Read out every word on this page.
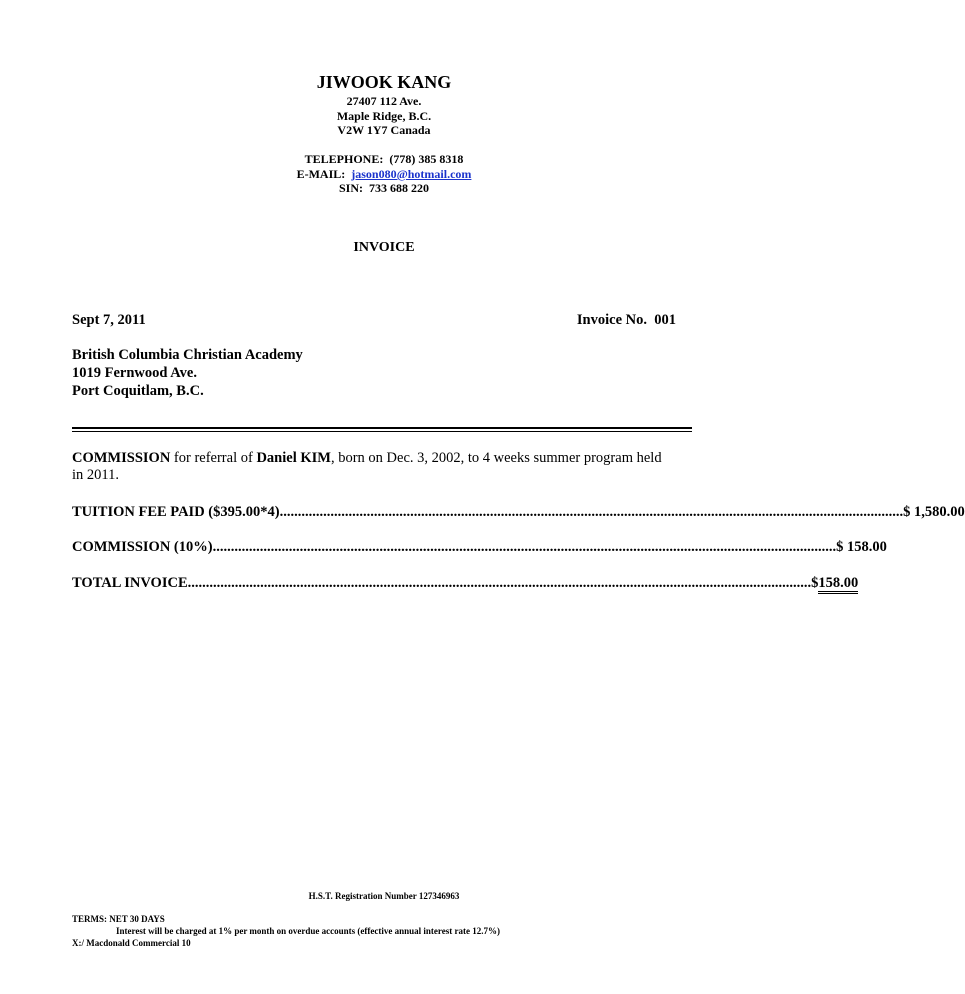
JIWOOK KANG
27407 112 Ave.
Maple Ridge, B.C.
V2W 1Y7 Canada
TELEPHONE: (778) 385 8318
E-MAIL: jason080@hotmail.com
SIN: 733 688 220
INVOICE
Sept 7, 2011	Invoice No. 001
British Columbia Christian Academy
1019 Fernwood Ave.
Port Coquitlam, B.C.
COMMISSION for referral of Daniel KIM, born on Dec. 3, 2002, to 4 weeks summer program held
in 2011.
TUITION FEE PAID ($395.00*4) ............................................................................................................................................................................ $ 1,580.00
COMMISSION (10%) ............................................................................................................................................................................ $ 158.00
TOTAL INVOICE ............................................................................................................................................................................ $158.00
H.S.T. Registration Number 127346963
TERMS: NET 30 DAYS
Interest will be charged at 1% per month on overdue accounts (effective annual interest rate 12.7%)
X:/ Macdonald Commercial 10
